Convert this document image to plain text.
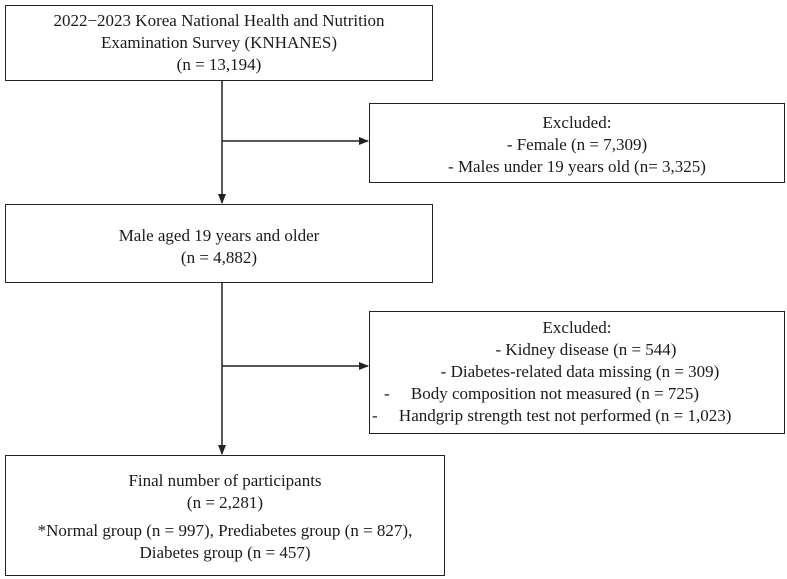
2022−2023 Korea National Health and Nutrition
Examination Survey (KNHANES)
(n = 13,194)
Excluded:
- Female (n = 7,309)
- Males under 19 years old (n= 3,325)
Male aged 19 years and older
(n = 4,882)
Excluded:
- Kidney disease (n = 544)
- Diabetes-related data missing (n = 309)
-     Body composition not measured (n = 725)
-     Handgrip strength test not performed (n = 1,023)
Final number of participants
(n = 2,281)
*Normal group (n = 997), Prediabetes group (n = 827),
Diabetes group (n = 457)
